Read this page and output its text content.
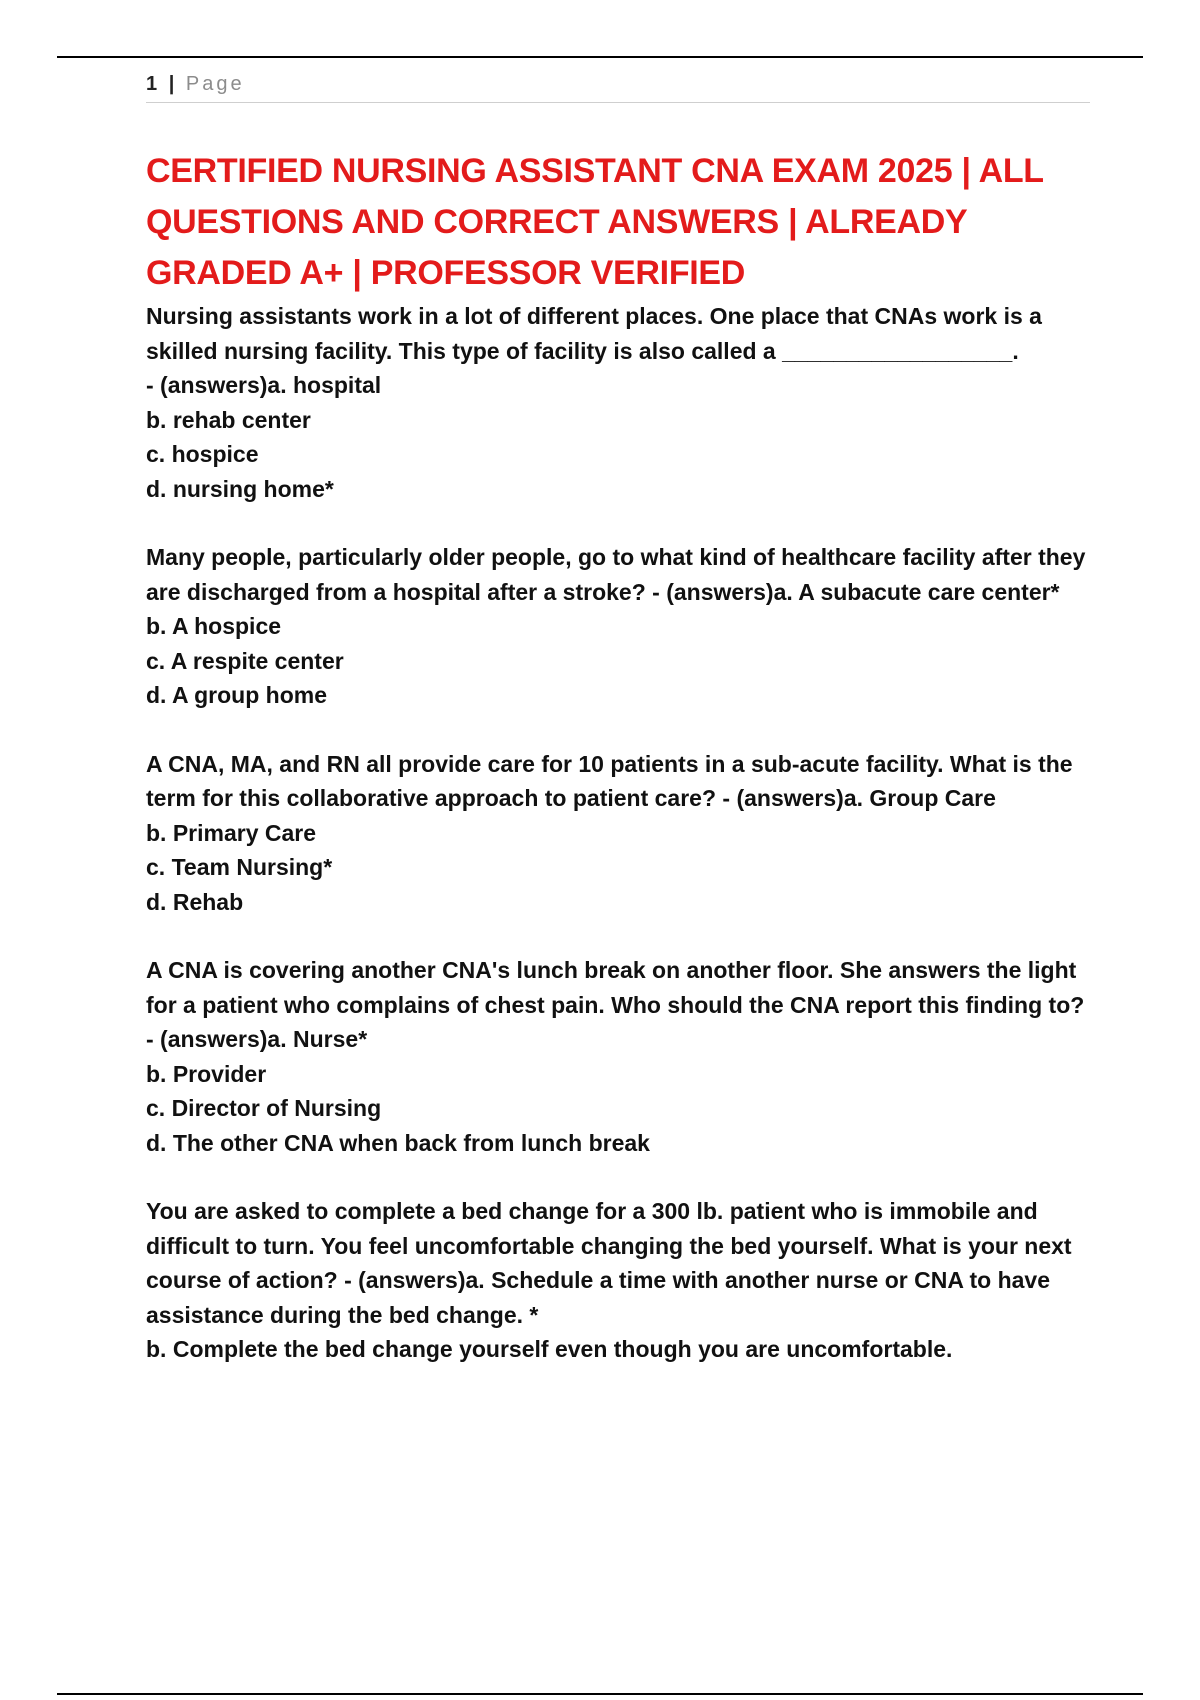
1 | Page
CERTIFIED NURSING ASSISTANT CNA EXAM 2025 | ALL QUESTIONS AND CORRECT ANSWERS | ALREADY GRADED A+ | PROFESSOR VERIFIED

Nursing assistants work in a lot of different places. One place that CNAs work is a skilled nursing facility. This type of facility is also called a __________________.

- (answers)a. hospital

b. rehab center

c. hospice

d. nursing home*

Many people, particularly older people, go to what kind of healthcare facility after they are discharged from a hospital after a stroke? - (answers)a. A subacute care center*

b. A hospice

c. A respite center

d. A group home

A CNA, MA, and RN all provide care for 10 patients in a sub-acute facility. What is the term for this collaborative approach to patient care? - (answers)a. Group Care

b. Primary Care

c. Team Nursing*

d. Rehab

A CNA is covering another CNA's lunch break on another floor. She answers the light for a patient who complains of chest pain. Who should the CNA report this finding to? - (answers)a. Nurse*

b. Provider

c. Director of Nursing

d. The other CNA when back from lunch break

You are asked to complete a bed change for a 300 lb. patient who is immobile and difficult to turn. You feel uncomfortable changing the bed yourself. What is your next course of action? - (answers)a. Schedule a time with another nurse or CNA to have assistance during the bed change. *

b. Complete the bed change yourself even though you are uncomfortable.
